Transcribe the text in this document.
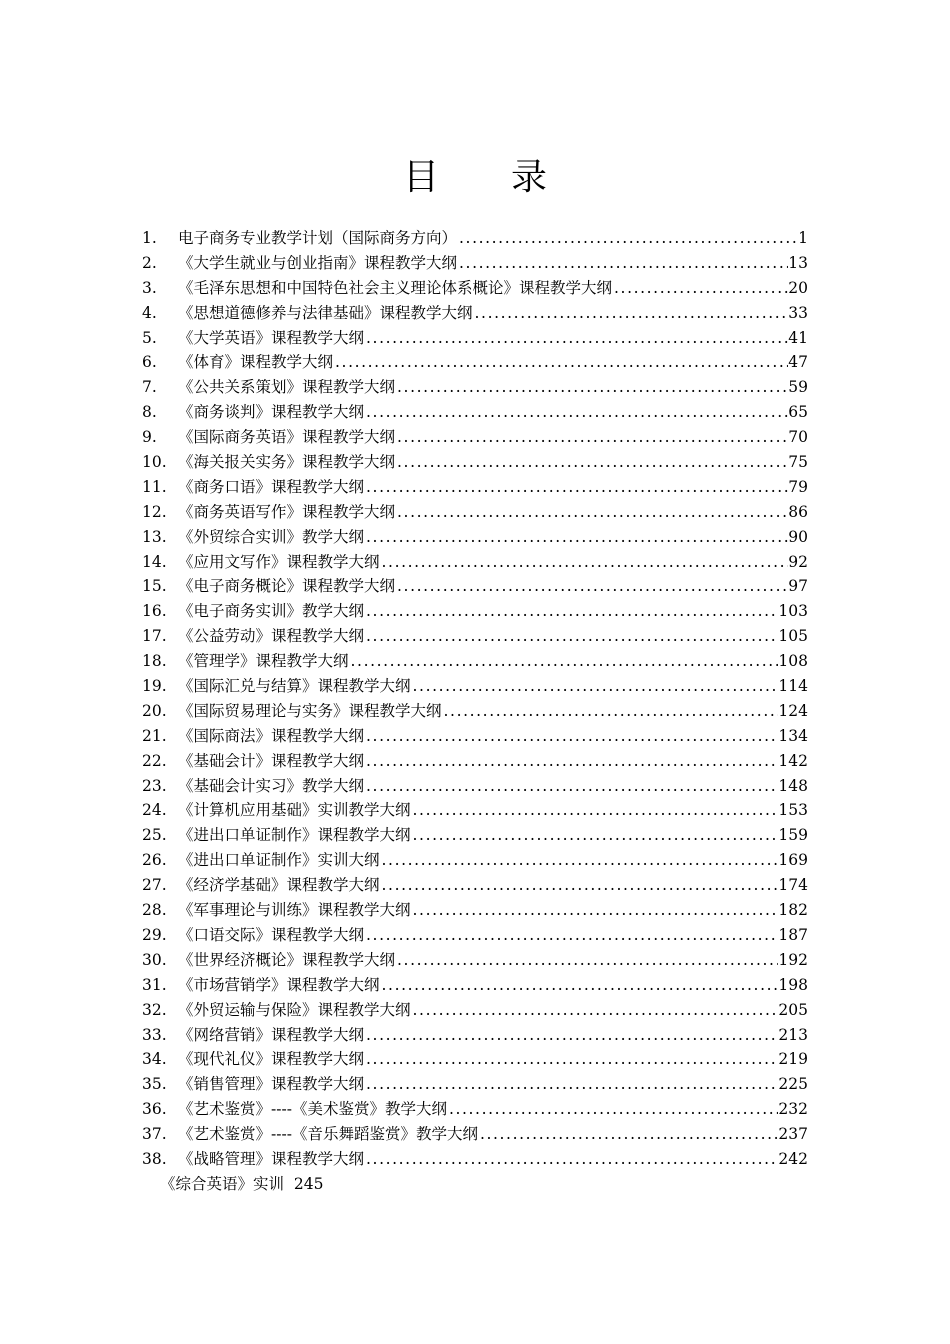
目　　录
1.	电子商务专业教学计划（国际商务方向） .....	1
2.	《大学生就业与创业指南》课程教学大纲 .....	13
3.	《毛泽东思想和中国特色社会主义理论体系概论》课程教学大纲 .....	20
4.	《思想道德修养与法律基础》课程教学大纲 .....	33
5.	《大学英语》课程教学大纲 .....	41
6.	《体育》课程教学大纲 .....	47
7.	《公共关系策划》课程教学大纲 .....	59
8.	《商务谈判》课程教学大纲 .....	65
9.	《国际商务英语》课程教学大纲 .....	70
10. 《海关报关实务》课程教学大纲 .....	75
11. 《商务口语》课程教学大纲 .....	79
12. 《商务英语写作》课程教学大纲 .....	86
13. 《外贸综合实训》教学大纲 .....	90
14. 《应用文写作》课程教学大纲 .....	92
15. 《电子商务概论》课程教学大纲 .....	97
16. 《电子商务实训》教学大纲 .....	103
17. 《公益劳动》课程教学大纲 .....	105
18. 《管理学》课程教学大纲 .....	108
19. 《国际汇兑与结算》课程教学大纲 .....	114
20. 《国际贸易理论与实务》课程教学大纲 .....	124
21. 《国际商法》课程教学大纲 .....	134
22. 《基础会计》课程教学大纲 .....	142
23. 《基础会计实习》教学大纲 .....	148
24. 《计算机应用基础》实训教学大纲 .....	153
25. 《进出口单证制作》课程教学大纲 .....	159
26. 《进出口单证制作》实训大纲 .....	169
27. 《经济学基础》课程教学大纲 .....	174
28. 《军事理论与训练》课程教学大纲 .....	182
29. 《口语交际》课程教学大纲 .....	187
30. 《世界经济概论》课程教学大纲 .....	192
31. 《市场营销学》课程教学大纲 .....	198
32. 《外贸运输与保险》课程教学大纲 .....	205
33. 《网络营销》课程教学大纲 .....	213
34. 《现代礼仪》课程教学大纲 .....	219
35. 《销售管理》课程教学大纲 .....	225
36. 《艺术鉴赏》----《美术鉴赏》教学大纲 .....	232
37. 《艺术鉴赏》----《音乐舞蹈鉴赏》教学大纲 .....	237
38. 《战略管理》课程教学大纲 .....	242
《综合英语》实训  245
